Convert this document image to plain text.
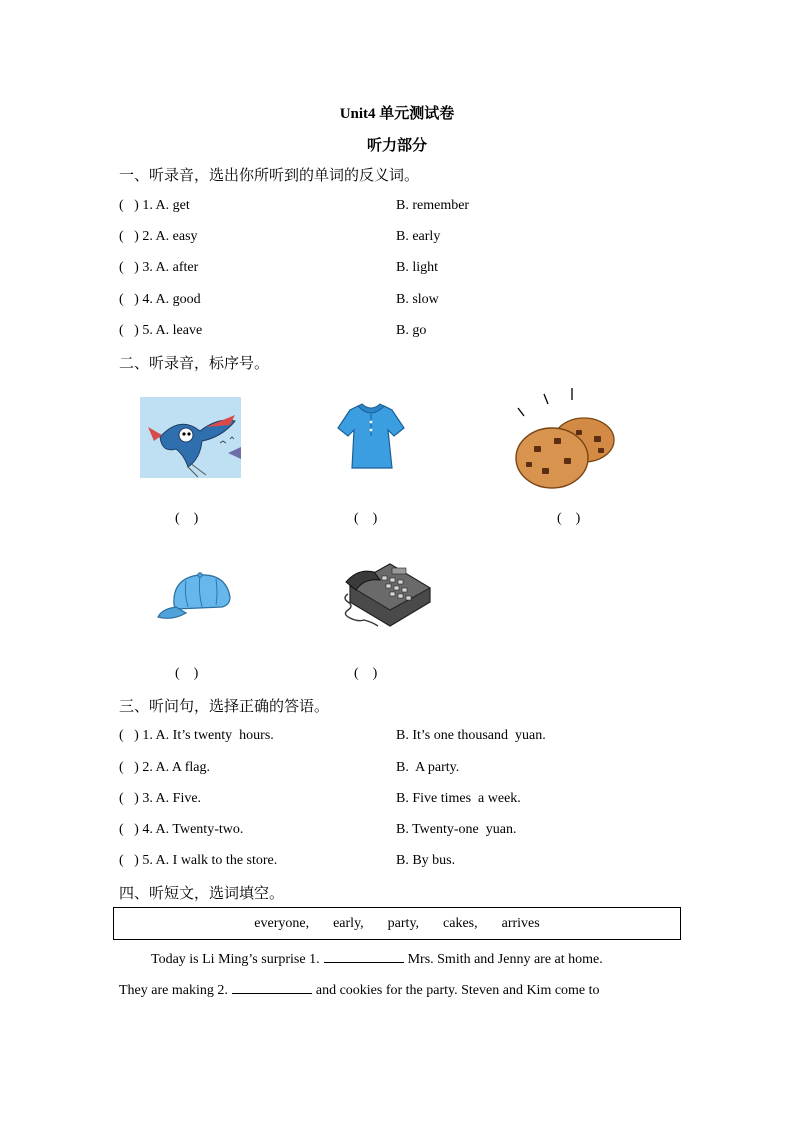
Unit4 单元测试卷
听力部分
一、听录音，选出你所听到的单词的反义词。
(   ) 1. A. get	B. remember
(   ) 2. A. easy	B. early
(   ) 3. A. after	B. light
(   ) 4. A. good	B. slow
(   ) 5. A. leave	B. go
二、听录音，标序号。
(    )	(    )	(    )
(    )	(    )
三、听问句，选择正确的答语。
(   ) 1. A. It’s twenty  hours.	B. It’s one thousand  yuan.
(   ) 2. A. A flag.	B.  A party.
(   ) 3. A. Five.	B. Five times  a week.
(   ) 4. A. Twenty-two.	B. Twenty-one  yuan.
(   ) 5. A. I walk to the store.	B. By bus.
四、听短文，选词填空。
everyone, early, party, cakes, arrives
Today is Li Ming’s surprise 1.	Mrs. Smith and Jenny are at home.
They are making 2.	and cookies for the party. Steven and Kim come to
